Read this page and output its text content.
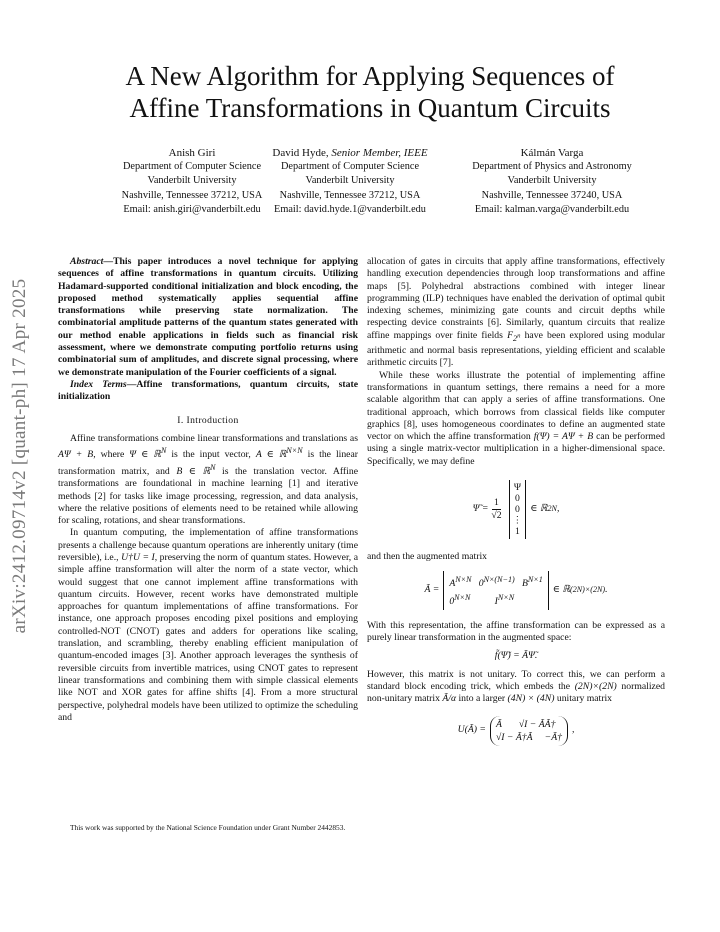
arXiv:2412.09714v2 [quant-ph] 17 Apr 2025
A New Algorithm for Applying Sequences of
Affine Transformations in Quantum Circuits
Anish Giri
Department of Computer Science
Vanderbilt University
Nashville, Tennessee 37212, USA
Email: anish.giri@vanderbilt.edu
David Hyde, Senior Member, IEEE
Department of Computer Science
Vanderbilt University
Nashville, Tennessee 37212, USA
Email: david.hyde.1@vanderbilt.edu
Kálmán Varga
Department of Physics and Astronomy
Vanderbilt University
Nashville, Tennessee 37240, USA
Email: kalman.varga@vanderbilt.edu

Abstract—This paper introduces a novel technique for applying sequences of affine transformations in quantum circuits. Utilizing Hadamard-supported conditional initialization and block encoding, the proposed method systematically applies sequential affine transformations while preserving state normalization. The combinatorial amplitude patterns of the quantum states generated with our method enable applications in fields such as financial risk assessment, where we demonstrate computing portfolio returns using combinatorial sum of amplitudes, and discrete signal processing, where we demonstrate manipulation of the Fourier coefficients of a signal.

Index Terms—Affine transformations, quantum circuits, state initialization

I. Introduction

Affine transformations combine linear transformations and translations as AΨ + B, where Ψ ∈ ℝ$^N$ is the input vector, A ∈ ℝ$^{N\times N}$ is the linear transformation matrix, and B ∈ ℝ$^N$ is the translation vector. Affine transformations are foundational in machine learning [1] and iterative methods [2] for tasks like image processing, regression, and data analysis, where the relative positions of elements need to be retained while allowing for scaling, rotations, and shear transformations.

In quantum computing, the implementation of affine transformations presents a challenge because quantum operations are inherently unitary (time reversible), i.e., U†U = I, preserving the norm of quantum states. However, a simple affine transformation will alter the norm of a state vector, which would suggest that one cannot implement affine transformations with quantum circuits. However, recent works have demonstrated multiple approaches for quantum implementations of affine transformations. For instance, one approach proposes encoding pixel positions and employing controlled-NOT (CNOT) gates and adders for operations like scaling, translation, and scrambling, thereby enabling efficient manipulation of quantum-encoded images [3]. Another approach leverages the synthesis of reversible circuits from invertible matrices, using CNOT gates to represent linear transformations and combining them with simple classical elements like NOT and XOR gates for affine shifts [4]. From a more structural perspective, polyhedral models have been utilized to optimize the scheduling and

This work was supported by the National Science Foundation under Grant Number 2442853.

allocation of gates in circuits that apply affine transformations, effectively handling execution dependencies through loop transformations and affine maps [5]. Polyhedral abstractions combined with integer linear programming (ILP) techniques have enabled the derivation of optimal qubit indexing schemes, minimizing gate counts and circuit depths while respecting device constraints [6]. Similarly, quantum circuits that realize affine mappings over finite fields $F_{2^n}$ have been explored using modular arithmetic and normal basis representations, yielding efficient and scalable arithmetic circuits [7].

While these works illustrate the potential of implementing affine transformations in quantum settings, there remains a need for a more scalable algorithm that can apply a series of affine transformations. One traditional approach, which borrows from classical fields like computer graphics [8], uses homogeneous coordinates to define an augmented state vector on which the affine transformation f(Ψ) = AΨ + B can be performed using a single matrix-vector multiplication in a higher-dimensional space. Specifically, we may define

Ψ̃ = $\frac{1}{√2}$
Ψ
0
0
⋮
1
∈ ℝ 2N ,

and then the augmented matrix

Ã =
$A^{N\times N}$   $0^{N\times(N-1)}$   $B^{N\times 1}$
$0^{N\times N}$          $I^{N\times N}$
∈ ℝ (2N)×(2N) .

With this representation, the affine transformation can be expressed as a purely linear transformation in the augmented space:

f̃(Ψ̃) = ÃΨ̃.

However, this matrix is not unitary. To correct this, we can perform a standard block encoding trick, which embeds the (2N)×(2N) normalized non-unitary matrix Ã/α into a larger (4N) × (4N) unitary matrix

U(Ã) =
Ã √I − ÃÃ†
√I − Ã†Ã −Ã†
,
